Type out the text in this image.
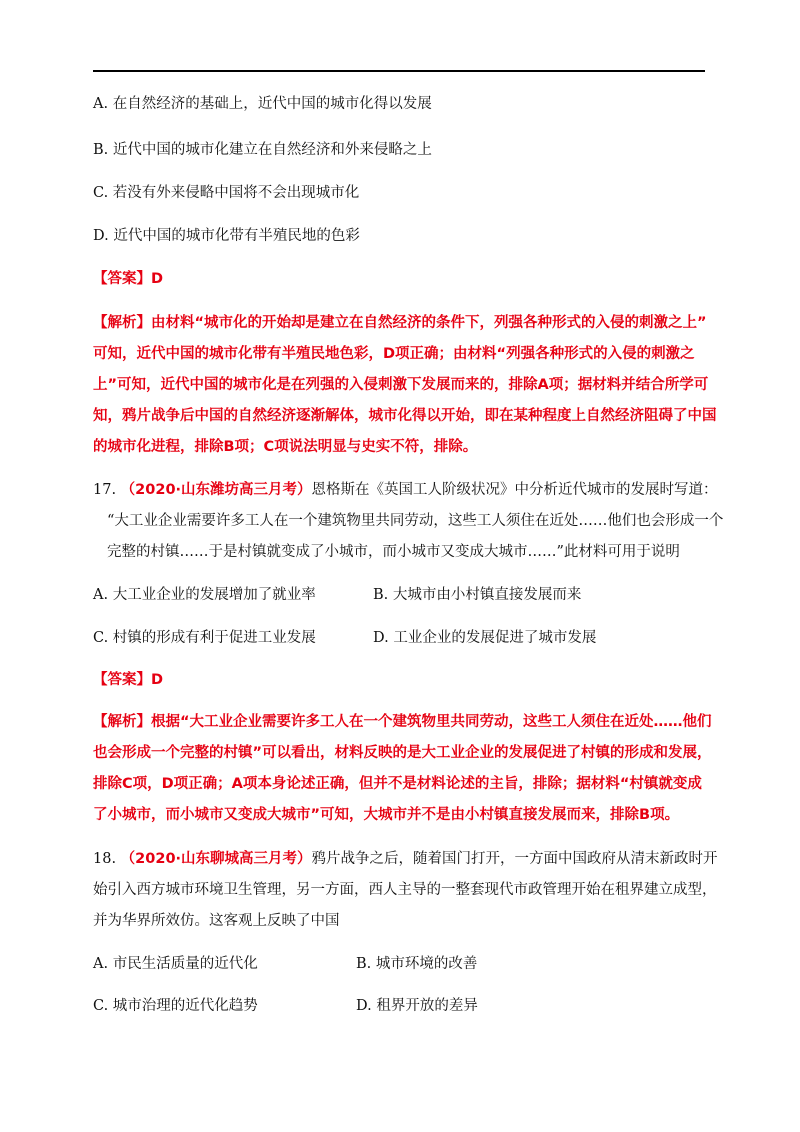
A. 在自然经济的基础上，近代中国的城市化得以发展
B. 近代中国的城市化建立在自然经济和外来侵略之上
C. 若没有外来侵略中国将不会出现城市化
D. 近代中国的城市化带有半殖民地的色彩
【答案】D
【解析】由材料“城市化的开始却是建立在自然经济的条件下，列强各种形式的入侵的刺激之上”
可知，近代中国的城市化带有半殖民地色彩，D项正确；由材料“列强各种形式的入侵的刺激之
上”可知，近代中国的城市化是在列强的入侵刺激下发展而来的，排除A项；据材料并结合所学可
知，鸦片战争后中国的自然经济逐渐解体，城市化得以开始，即在某种程度上自然经济阻碍了中国
的城市化进程，排除B项；C项说法明显与史实不符，排除。
17. （2020·山东潍坊高三月考）恩格斯在《英国工人阶级状况》中分析近代城市的发展时写道：
“大工业企业需要许多工人在一个建筑物里共同劳动，这些工人须住在近处……他们也会形成一个
完整的村镇……于是村镇就变成了小城市，而小城市又变成大城市……”此材料可用于说明
A. 大工业企业的发展增加了就业率	B. 大城市由小村镇直接发展而来
C. 村镇的形成有利于促进工业发展	D. 工业企业的发展促进了城市发展
【答案】D
【解析】根据“大工业企业需要许多工人在一个建筑物里共同劳动，这些工人须住在近处……他们
也会形成一个完整的村镇”可以看出，材料反映的是大工业企业的发展促进了村镇的形成和发展，
排除C项，D项正确；A项本身论述正确，但并不是材料论述的主旨，排除；据材料“村镇就变成
了小城市，而小城市又变成大城市”可知，大城市并不是由小村镇直接发展而来，排除B项。
18. （2020·山东聊城高三月考）鸦片战争之后，随着国门打开，一方面中国政府从清末新政时开
始引入西方城市环境卫生管理，另一方面，西人主导的一整套现代市政管理开始在租界建立成型，
并为华界所效仿。这客观上反映了中国
A. 市民生活质量的近代化	B. 城市环境的改善
C. 城市治理的近代化趋势	D. 租界开放的差异
